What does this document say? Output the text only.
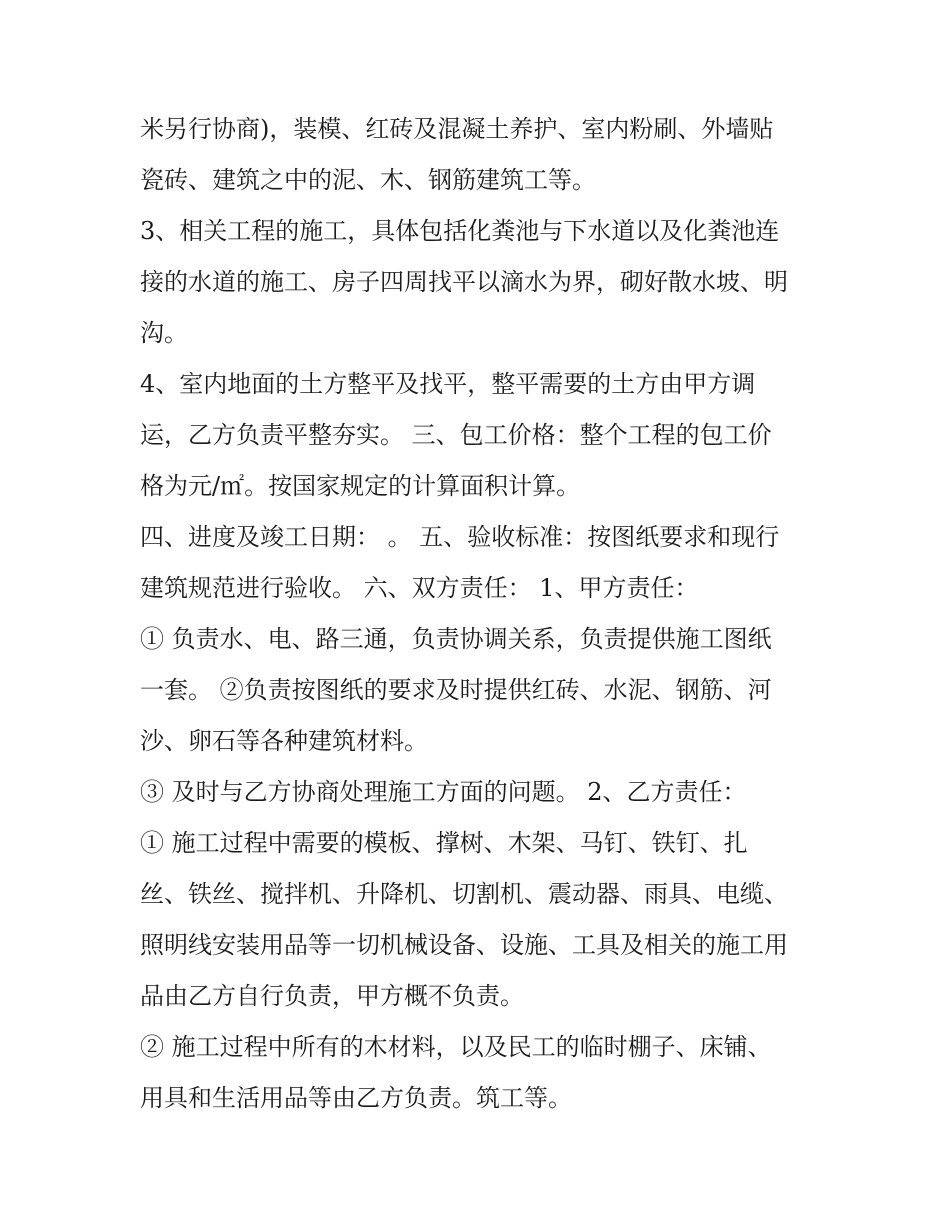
米另行协商)，装模、红砖及混凝土养护、室内粉刷、外墙贴
瓷砖、建筑之中的泥、木、钢筋建筑工等。
3、相关工程的施工，具体包括化粪池与下水道以及化粪池连
接的水道的施工、房子四周找平以滴水为界，砌好散水坡、明
沟。
4、室内地面的土方整平及找平，整平需要的土方由甲方调
运，乙方负责平整夯实。 三、包工价格：整个工程的包工价
格为元/㎡。按国家规定的计算面积计算。
四、进度及竣工日期： 。 五、验收标准：按图纸要求和现行
建筑规范进行验收。 六、双方责任： 1、甲方责任：
① 负责水、电、路三通，负责协调关系，负责提供施工图纸
一套。 ②负责按图纸的要求及时提供红砖、水泥、钢筋、河
沙、卵石等各种建筑材料。
③ 及时与乙方协商处理施工方面的问题。 2、乙方责任：
① 施工过程中需要的模板、撑树、木架、马钉、铁钉、扎
丝、铁丝、搅拌机、升降机、切割机、震动器、雨具、电缆、
照明线安装用品等一切机械设备、设施、工具及相关的施工用
品由乙方自行负责，甲方概不负责。
② 施工过程中所有的木材料，以及民工的临时棚子、床铺、
用具和生活用品等由乙方负责。筑工等。
